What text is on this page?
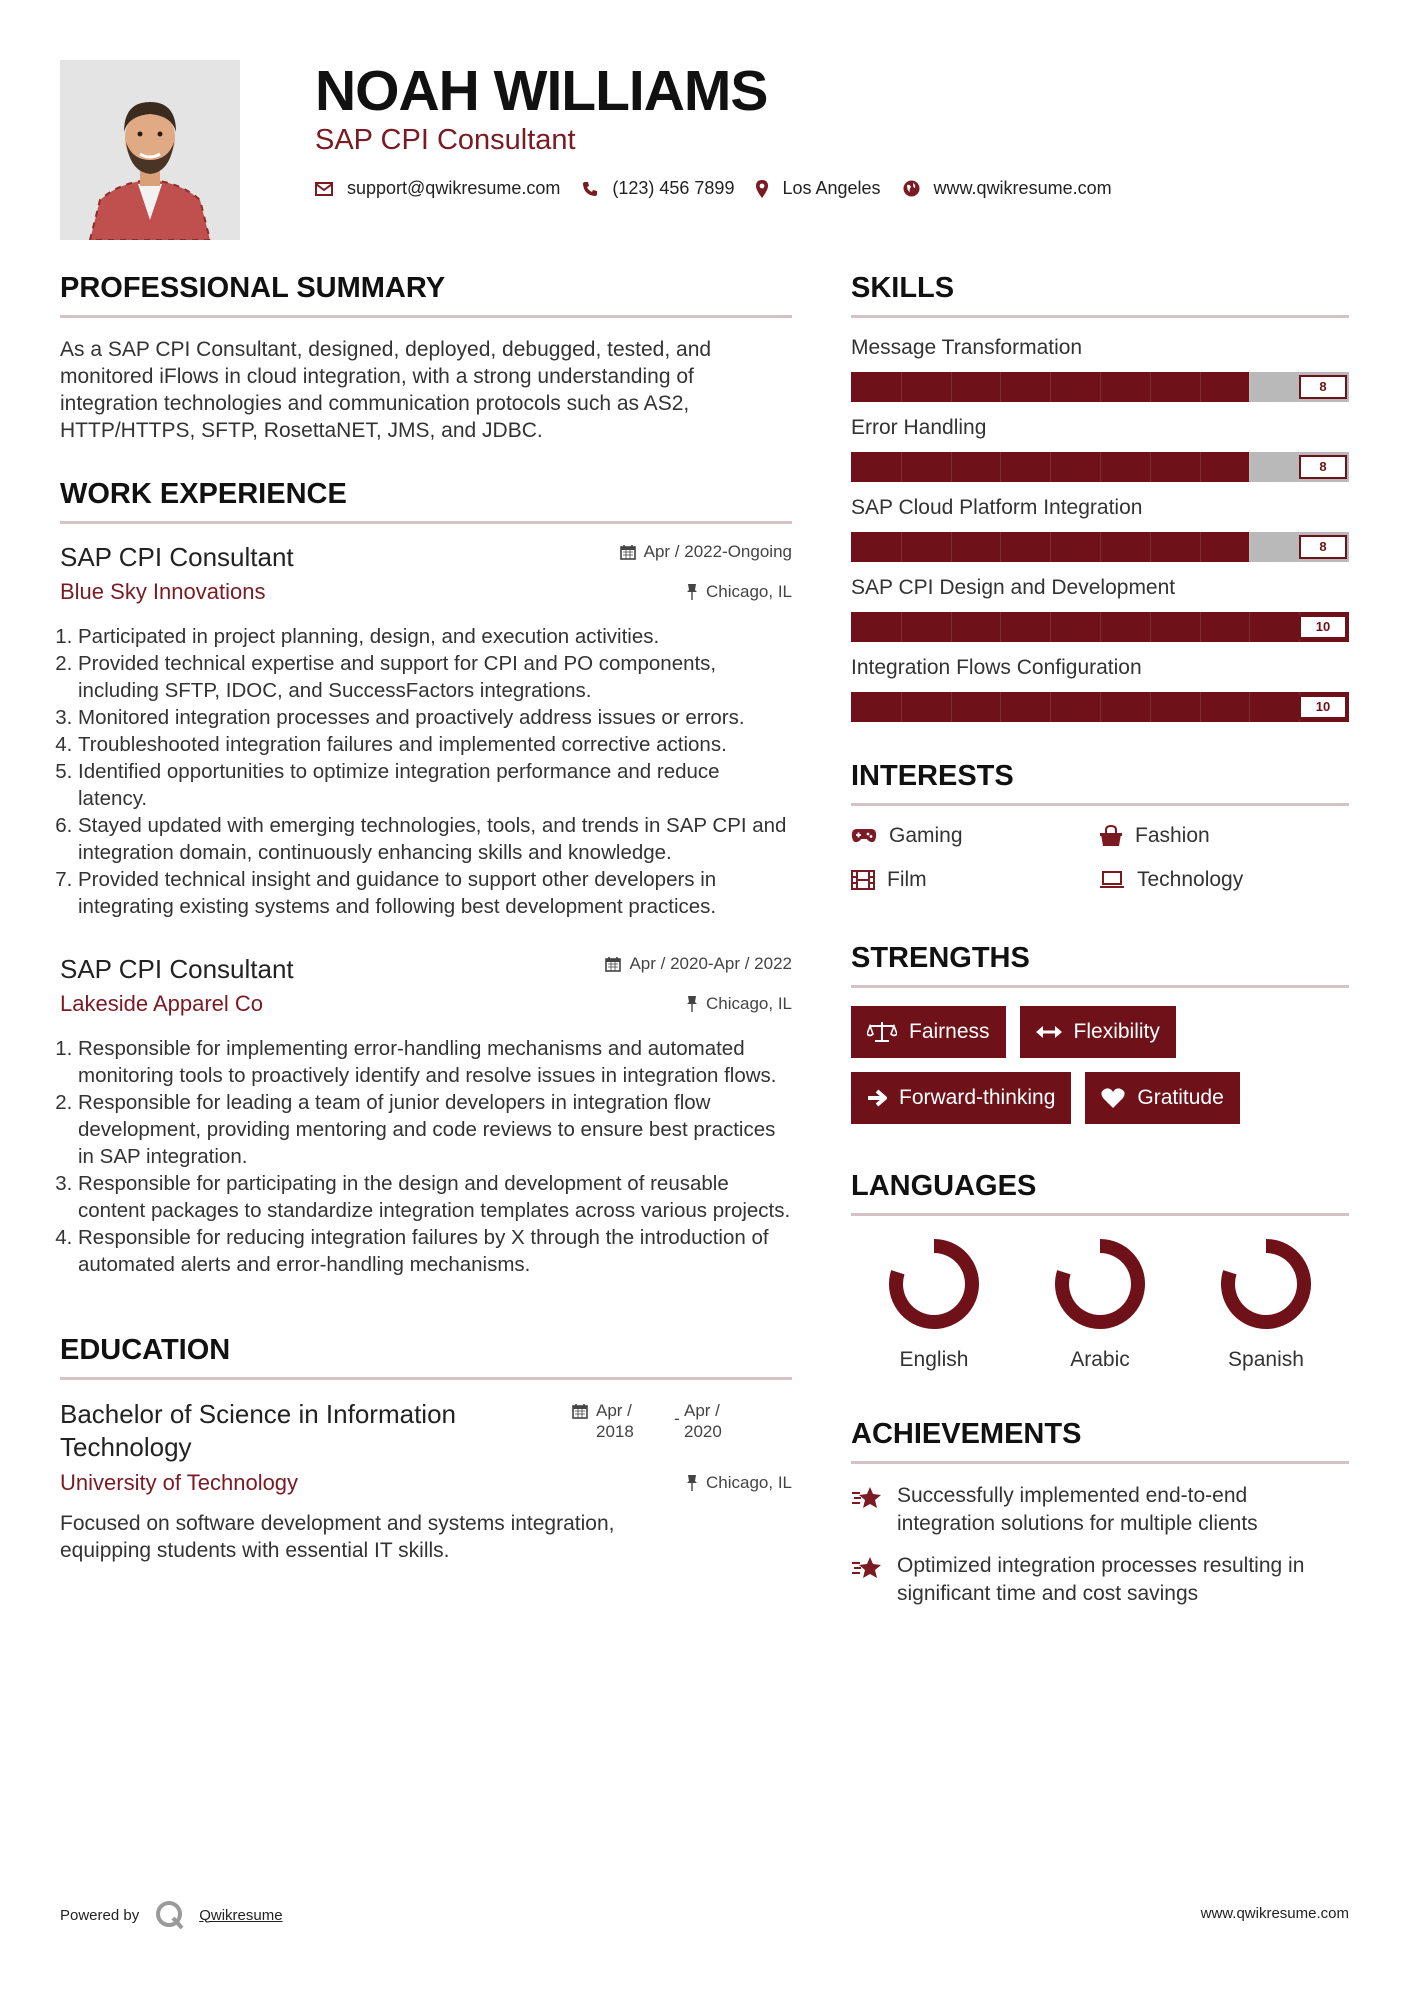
NOAH WILLIAMS
SAP CPI Consultant
support@qwikresume.com	(123) 456 7899	Los Angeles	www.qwikresume.com
PROFESSIONAL SUMMARY

As a SAP CPI Consultant, designed, deployed, debugged, tested, and monitored iFlows in cloud integration, with a strong understanding of integration technologies and communication protocols such as AS2, HTTP/HTTPS, SFTP, RosettaNET, JMS, and JDBC.

WORK EXPERIENCE
SAP CPI Consultant	Apr / 2022-Ongoing
Blue Sky Innovations	Chicago, IL
1. Participated in project planning, design, and execution activities.
2. Provided technical expertise and support for CPI and PO components, including SFTP, IDOC, and SuccessFactors integrations.
3. Monitored integration processes and proactively address issues or errors.
4. Troubleshooted integration failures and implemented corrective actions.
5. Identified opportunities to optimize integration performance and reduce latency.
6. Stayed updated with emerging technologies, tools, and trends in SAP CPI and integration domain, continuously enhancing skills and knowledge.
7. Provided technical insight and guidance to support other developers in integrating existing systems and following best development practices.
SAP CPI Consultant	Apr / 2020-Apr / 2022
Lakeside Apparel Co	Chicago, IL
1. Responsible for implementing error-handling mechanisms and automated monitoring tools to proactively identify and resolve issues in integration flows.
2. Responsible for leading a team of junior developers in integration flow development, providing mentoring and code reviews to ensure best practices in SAP integration.
3. Responsible for participating in the design and development of reusable content packages to standardize integration templates across various projects.
4. Responsible for reducing integration failures by X through the introduction of automated alerts and error-handling mechanisms.
EDUCATION
Bachelor of Science in Information Technology
Apr / 2018
- Apr / 2020
University of Technology	Chicago, IL

Focused on software development and systems integration, equipping students with essential IT skills.

SKILLS
Message Transformation
8
Error Handling
8
SAP Cloud Platform Integration
8
SAP CPI Design and Development
10
Integration Flows Configuration
10
INTERESTS
Gaming	Fashion
Film	Technology
STRENGTHS
Fairness	Flexibility
Forward-thinking	Gratitude
LANGUAGES
English	Arabic	Spanish
ACHIEVEMENTS
Successfully implemented end-to-end integration solutions for multiple clients
Optimized integration processes resulting in significant time and cost savings
Powered by	Qwikresume	www.qwikresume.com
